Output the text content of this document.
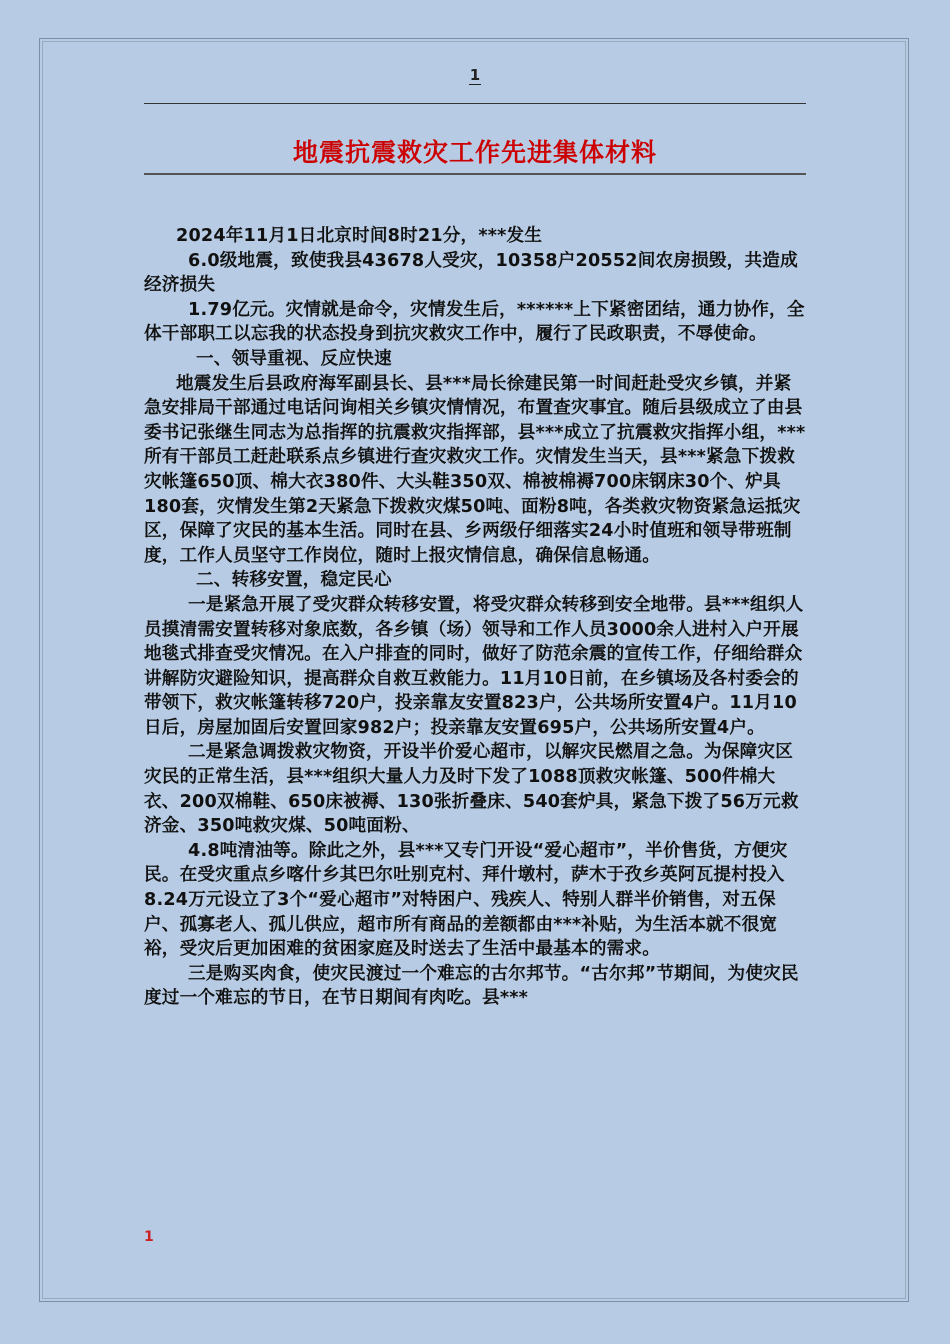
1
地震抗震救灾工作先进集体材料

2024年11月1日北京时间8时21分，***发生

6.0级地震，致使我县43678人受灾，10358户20552间农房损毁，共造成经济损失

1.79亿元。灾情就是命令，灾情发生后，******上下紧密团结，通力协作，全体干部职工以忘我的状态投身到抗灾救灾工作中，履行了民政职责，不辱使命。

一、领导重视、反应快速

地震发生后县政府海军副县长、县***局长徐建民第一时间赶赴受灾乡镇，并紧急安排局干部通过电话问询相关乡镇灾情情况，布置查灾事宜。随后县级成立了由县委书记张继生同志为总指挥的抗震救灾指挥部，县***成立了抗震救灾指挥小组，***所有干部员工赶赴联系点乡镇进行查灾救灾工作。灾情发生当天，县***紧急下拨救灾帐篷650顶、棉大衣380件、大头鞋350双、棉被棉褥700床钢床30个、炉具180套，灾情发生第2天紧急下拨救灾煤50吨、面粉8吨，各类救灾物资紧急运抵灾区，保障了灾民的基本生活。同时在县、乡两级仔细落实24小时值班和领导带班制度，工作人员坚守工作岗位，随时上报灾情信息，确保信息畅通。

二、转移安置，稳定民心

一是紧急开展了受灾群众转移安置，将受灾群众转移到安全地带。县***组织人员摸清需安置转移对象底数，各乡镇（场）领导和工作人员3000余人进村入户开展地毯式排查受灾情况。在入户排查的同时，做好了防范余震的宣传工作，仔细给群众讲解防灾避险知识，提高群众自救互救能力。11月10日前，在乡镇场及各村委会的带领下，救灾帐篷转移720户，投亲靠友安置823户，公共场所安置4户。11月10日后，房屋加固后安置回家982户；投亲靠友安置695户，公共场所安置4户。

二是紧急调拨救灾物资，开设半价爱心超市，以解灾民燃眉之急。为保障灾区灾民的正常生活，县***组织大量人力及时下发了1088顶救灾帐篷、500件棉大衣、200双棉鞋、650床被褥、130张折叠床、540套炉具，紧急下拨了56万元救济金、350吨救灾煤、50吨面粉、

4.8吨清油等。除此之外，县***又专门开设“爱心超市”，半价售货，方便灾民。在受灾重点乡喀什乡其巴尔吐别克村、拜什墩村，萨木于孜乡英阿瓦提村投入 8.24万元设立了3个“爱心超市”对特困户、残疾人、特别人群半价销售，对五保户、孤寡老人、孤儿供应，超市所有商品的差额都由***补贴，为生活本就不很宽裕，受灾后更加困难的贫困家庭及时送去了生活中最基本的需求。

三是购买肉食，使灾民渡过一个难忘的古尔邦节。“古尔邦”节期间，为使灾民度过一个难忘的节日，在节日期间有肉吃。县***

1
